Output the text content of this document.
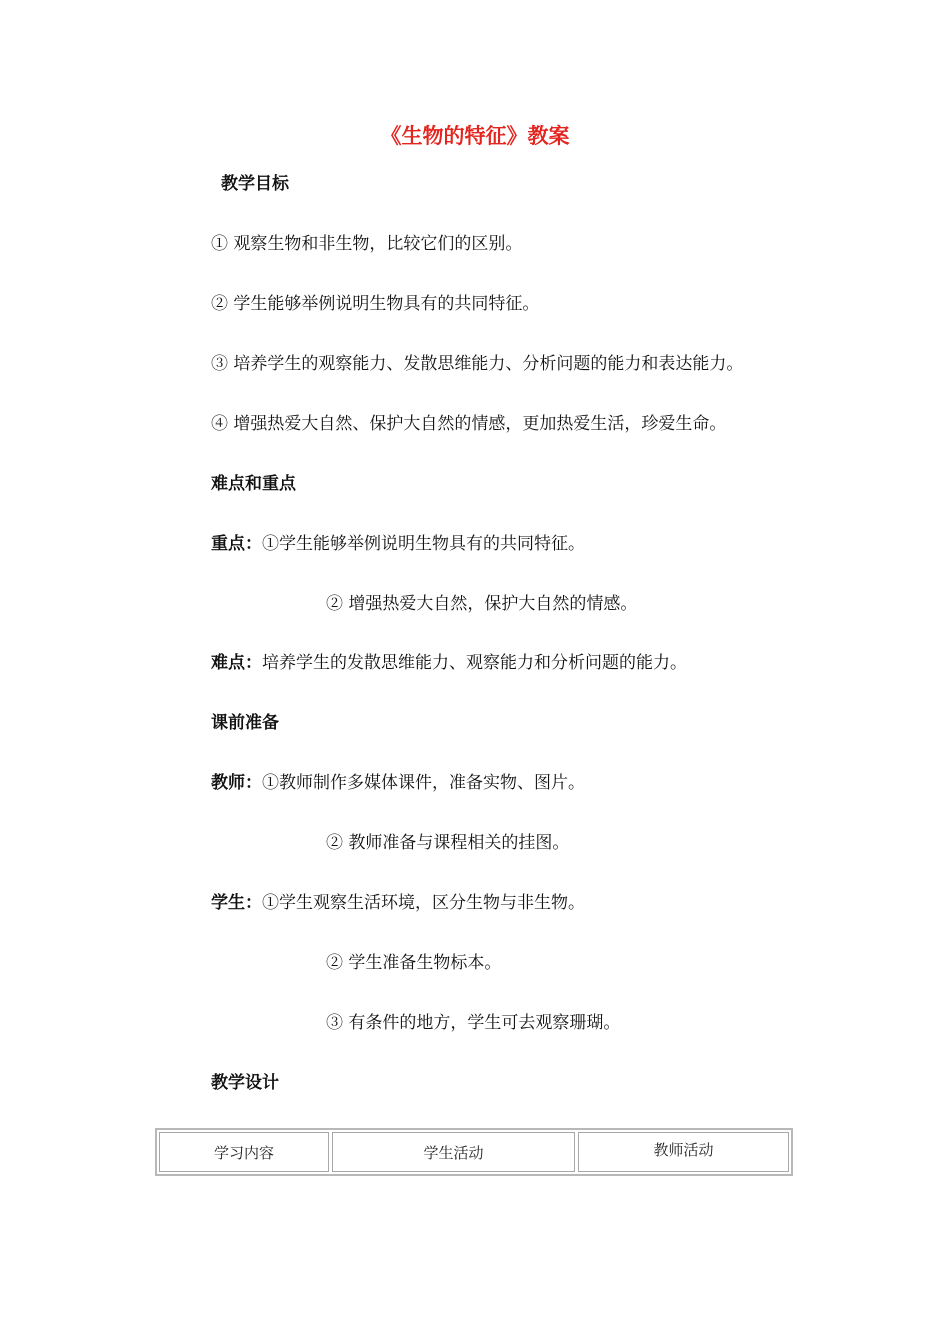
《生物的特征》教案
教学目标
① 观察生物和非生物，比较它们的区别。
② 学生能够举例说明生物具有的共同特征。
③ 培养学生的观察能力、发散思维能力、分析问题的能力和表达能力。
④ 增强热爱大自然、保护大自然的情感，更加热爱生活，珍爱生命。
难点和重点
重点：①学生能够举例说明生物具有的共同特征。
② 增强热爱大自然，保护大自然的情感。
难点：培养学生的发散思维能力、观察能力和分析问题的能力。
课前准备
教师：①教师制作多媒体课件，准备实物、图片。
② 教师准备与课程相关的挂图。
学生：①学生观察生活环境，区分生物与非生物。
② 学生准备生物标本。
③ 有条件的地方，学生可去观察珊瑚。
教学设计
学习内容	学生活动	教师活动
